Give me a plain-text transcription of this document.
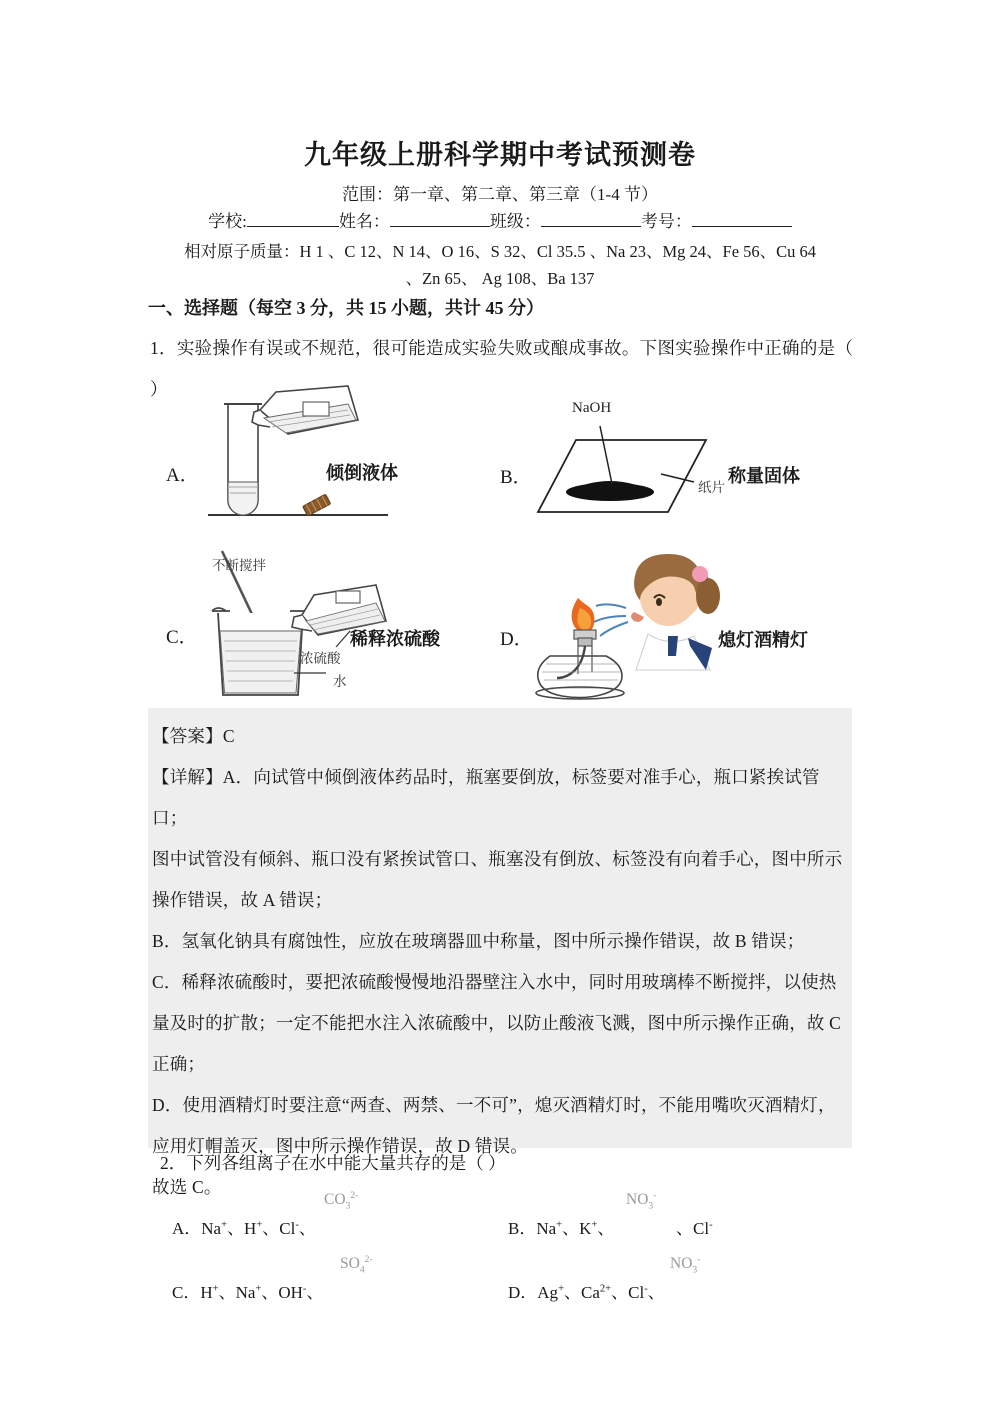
九年级上册科学期中考试预测卷
范围：第一章、第二章、第三章（1-4 节）
学校:	姓名：	班级：	考号：
相对原子质量：H 1 、C 12、N 14、O 16、S 32、Cl 35.5 、Na 23、Mg 24、Fe 56、Cu 64
、Zn 65、 Ag 108、Ba 137
一、选择题（每空 3 分，共 15 小题，共计 45 分）
1．实验操作有误或不规范，很可能造成实验失败或酿成事故。下图实验操作中正确的是（
）
A．	倾倒液体	B．
NaOH
纸片
称量固体
C．
不断搅拌
浓硫酸
水
稀释浓硫酸	D．	熄灯酒精灯

【答案】C

【详解】A．向试管中倾倒液体药品时，瓶塞要倒放，标签要对准手心，瓶口紧挨试管口；

图中试管没有倾斜、瓶口没有紧挨试管口、瓶塞没有倒放、标签没有向着手心，图中所示

操作错误，故 A 错误；

B．氢氧化钠具有腐蚀性，应放在玻璃器皿中称量，图中所示操作错误，故 B 错误；

C．稀释浓硫酸时，要把浓硫酸慢慢地沿器壁注入水中，同时用玻璃棒不断搅拌，以使热

量及时的扩散；一定不能把水注入浓硫酸中，以防止酸液飞溅，图中所示操作正确，故 C

正确；

D．使用酒精灯时要注意“两查、两禁、一不可”，熄灭酒精灯时，不能用嘴吹灭酒精灯，

应用灯帽盖灭，图中所示操作错误，故 D 错误。

故选 C。

2．下列各组离子在水中能大量共存的是（ ）
A．Na+、H+、Cl-、
$CO_3^{2-}$
B．Na+、K+、
$NO_3^-$
、Cl-
C．H+、Na+、OH-、
$SO_4^{2-}$
D．Ag+、$Ca^{2+}$、Cl-、
$NO_3^-$
